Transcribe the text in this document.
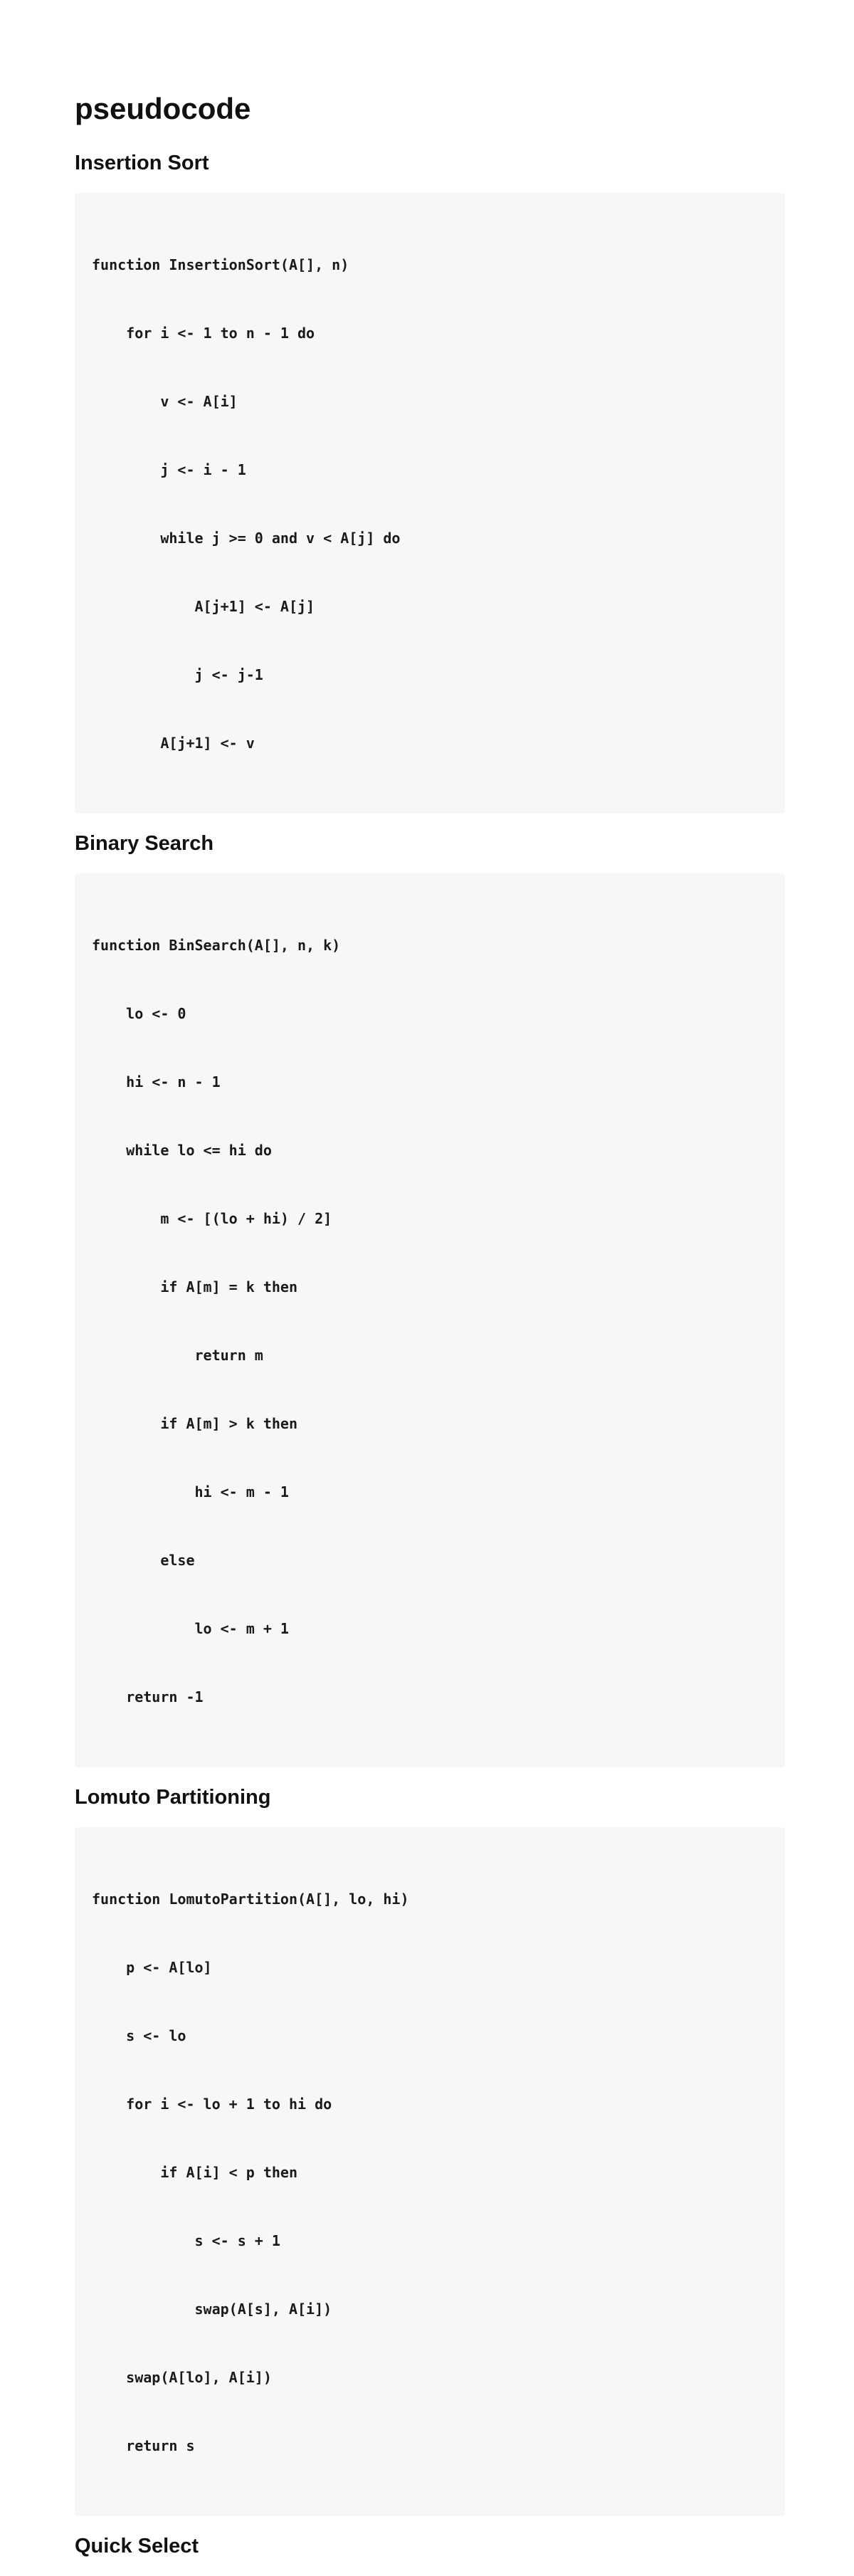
pseudocode
Insertion Sort

function InsertionSort(A[], n)

for i <- 1 to n - 1 do

v <- A[i]

j <- i - 1

while j >= 0 and v < A[j] do

A[j+1] <- A[j]

j <- j-1

A[j+1] <- v

Binary Search

function BinSearch(A[], n, k)

lo <- 0

hi <- n - 1

while lo <= hi do

m <- [(lo + hi) / 2]

if A[m] = k then

return m

if A[m] > k then

hi <- m - 1

else

lo <- m + 1

return -1

Lomuto Partitioning

function LomutoPartition(A[], lo, hi)

p <- A[lo]

s <- lo

for i <- lo + 1 to hi do

if A[i] < p then

s <- s + 1

swap(A[s], A[i])

swap(A[lo], A[i])

return s

Quick Select
